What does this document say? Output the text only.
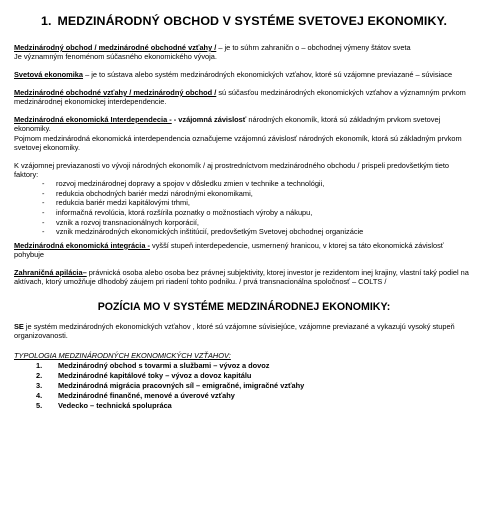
1. MEDZINÁRODNÝ OBCHOD V SYSTÉME SVETOVEJ EKONOMIKY.
Medzinárodný obchod / medzinárodné obchodné vzťahy / – je to súhrn zahraničn o – obchodnej výmeny štátov sveta
Je významným fenoménom súčasného ekonomického vývoja.
Svetová ekonomika – je to sústava alebo systém medzinárodných ekonomických vzťahov, ktoré sú vzájomne previazané – súvisiace
Medzinárodné obchodné vzťahy / medzinárodný obchod / sú súčasťou medzinárodných ekonomických vzťahov a významným prvkom medzinárodnej ekonomickej interdependencie.
Medzinárodná ekonomická Interdependecia - - vzájomná závislosť národných ekonomík, ktorá sú základným prvkom svetovej ekonomiky.
Pojmom medzinárodná ekonomická interdependencia označujeme vzájomnú závislosť národných ekonomík, ktorá sú základným prvkom svetovej ekonomiky.
K vzájomnej previazanosti vo vývoji národných ekonomík / aj prostredníctvom medzinárodného obchodu / prispeli predovšetkým tieto faktory:
- rozvoj medzinárodnej dopravy a spojov v dôsledku zmien v technike a technológii,
- redukcia obchodných bariér medzi národnými ekonomikami,
- redukcia bariér medzi kapitálovými trhmi,
- informačná revolúcia, ktorá rozšírila poznatky o možnostiach výroby a nákupu,
- vznik a rozvoj transnacionálnych korporácií,
- vznik medzinárodných ekonomických inštitúcií, predovšetkým Svetovej obchodnej organizácie
Medzinárodná ekonomická integrácia - vyšší stupeň interdepedencie, usmernený hranicou, v ktorej sa táto ekonomická závislosť pohybuje
Zahraničná apilácia– právnická osoba alebo osoba bez právnej subjektivity, ktorej investor je rezidentom inej krajiny, vlastní taký podiel na aktívach, ktorý umožňuje dlhodobý záujem pri riadení tohto podniku. / prvá transnacionálna spoločnosť – COLTS /
POZÍCIA MO V SYSTÉME MEDZINÁRODNEJ EKONOMIKY:
SE je systém medzinárodných ekonomických vzťahov , ktoré sú vzájomne súvisiejúce, vzájomne previazané a vykazujú vysoký stupeň organizovanosti.
TYPOLOGIA MEDZINÁRODNÝCH EKONOMICKÝCH VZŤAHOV:
1. Medzinárodný obchod s tovarmi a službami – vývoz a dovoz
2. Medzinárodné kapitálové toky – vývoz a dovoz kapitálu
3. Medzinárodná migrácia pracovných síl – emigračné, imigračné vzťahy
4. Medzinárodné finančné, menové a úverové vzťahy
5. Vedecko – technická spolupráca
